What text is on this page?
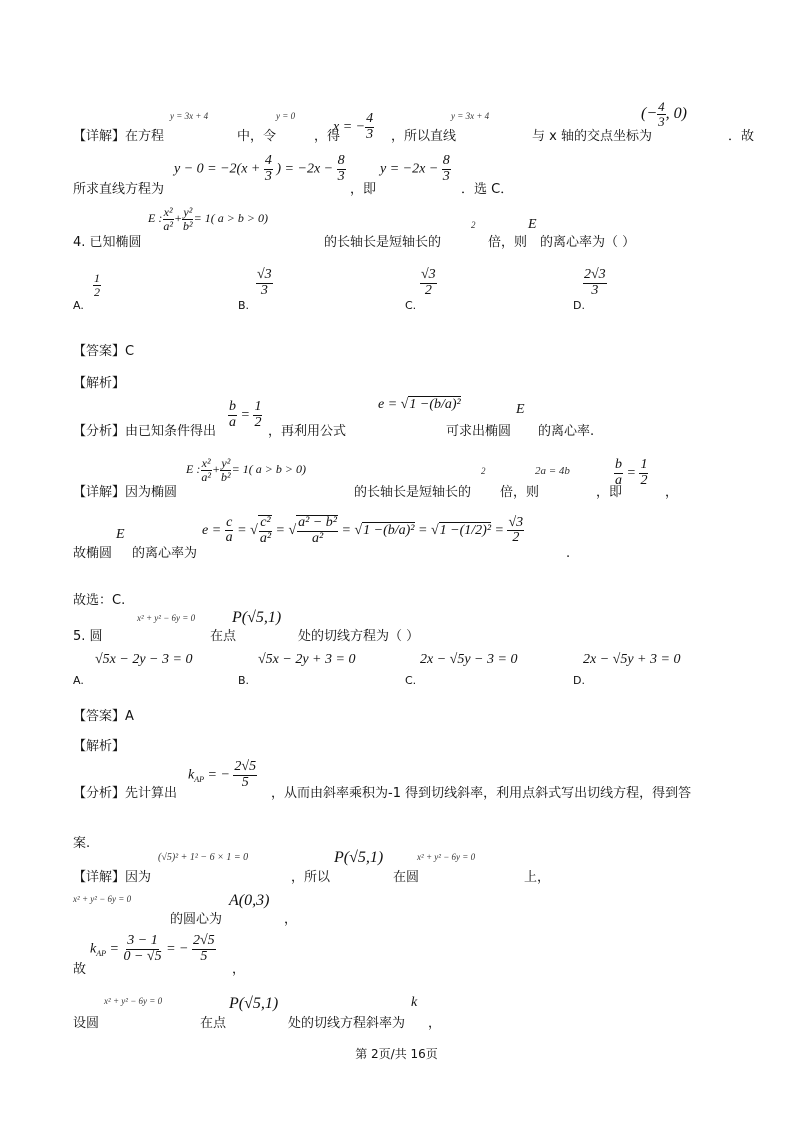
y = 3x + 4	y = 0
x = − $\frac{4}{3}$	y = 3x + 4	(− $\frac{4}{3}$ , 0)
【详解】在方程	中，令	，得	，所以直线	与 x 轴的交点坐标为	．故
$y - 0 = -2(x + \frac{4}{3}$ ) = $-2x - \frac{8}{3}$ $y = -2x - \frac{8}{3}$
所求直线方程为	，即	．选 C．
E : $\frac{\text{x²}}{\text{a²}} + \frac{\text{y²}}{\text{b²}} = 1$( a > b > 0)
2	E
4. 已知椭圆	的长轴长是短轴长的	倍，则 的离心率为（ ）
A.
$\frac{1}{2}$
B.
$\frac{√3}{3}$
C.
$\frac{√3}{2}$
D.
$\frac{2√3}{3}$
【答案】C
【解析】
$\frac{b}{a} = \frac{1}{2}$	e = √1 −(b/a)²	E
【分析】由已知条件得出	，再利用公式	可求出椭圆 的离心率.
E : $\frac{\text{x²}}{\text{a²}} + \frac{\text{y²}}{\text{b²}} = 1$( a > b > 0)	2	2a = 4b	$\frac{b}{a} = \frac{1}{2}$
【详解】因为椭圆	的长轴长是短轴长的 倍，则	，即	，
E	$e = \frac{c}{a}$ = √ $\frac{\text{c²}}{\text{a²}}$ = √ $\frac{\text{a² − b²}}{\text{a²}} = √1 -(b/a)^2 = √1 -(1/2)^2 = \frac{√3}{2}$
故椭圆 的离心率为	.
故选：C.
x² + y² − 6y = 0 P(√5,1)
5. 圆	在点	处的切线方程为（ ）
√5x − 2y − 3 = 0	√5x − 2y + 3 = 0	2x − √5y − 3 = 0	2x − √5y + 3 = 0
A.	B.	C.	D.
【答案】A
【解析】
$k_{AP}$ = − $\frac{2√5}{5}$
【分析】先计算出	，从而由斜率乘积为-1 得到切线斜率，利用点斜式写出切线方程，得到答
案.
(√5)² + 1² − 6 × 1 = 0	P(√5,1)	x² + y² − 6y = 0
【详解】因为	，所以	在圆	上，
x² + y² − 6y = 0	A(0,3)
的圆心为	，
$k_{AP} = \frac{3 - 1}{0 - √5}$ = − $\frac{2√5}{5}$
故	，
x² + y² − 6y = 0	P(√5,1)	k
设圆	在点	处的切线方程斜率为 ，
第 2页/共 16页
